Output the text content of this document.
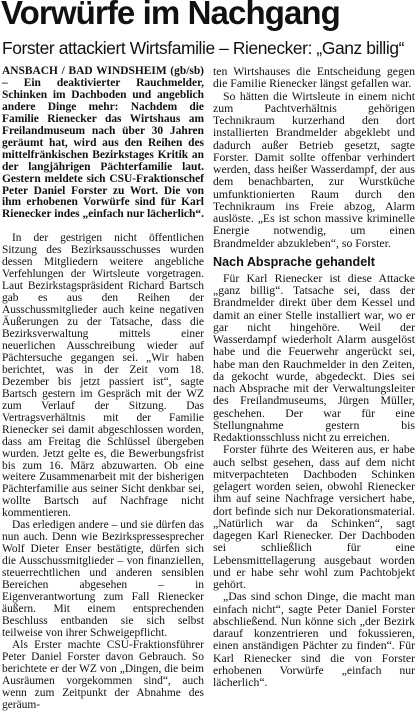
Vorwürfe im Nachgang
Forster attackiert Wirtsfamilie – Rienecker: „Ganz billig“

ANSBACH / BAD WINDSHEIM (gb/sb) – Ein deaktivierter Rauchmelder, Schinken im Dachboden und angeblich andere Dinge mehr: Nachdem die Familie Rienecker das Wirtshaus am Freilandmuseum nach über 30 Jahren geräumt hat, wird aus den Reihen des mittelfränkischen Bezirkstages Kritik an der langjährigen Pächterfamilie laut. Gestern meldete sich CSU-Fraktionschef Peter Daniel Forster zu Wort. Die von ihm erhobenen Vorwürfe sind für Karl Rienecker indes „einfach nur lächerlich“.

In der gestrigen nicht öffentlichen Sitzung des Bezirksausschusses wurden dessen Mitgliedern weitere angebliche Verfehlungen der Wirtsleute vorgetragen. Laut Bezirkstagspräsident Richard Bartsch gab es aus den Reihen der Ausschussmitglieder auch keine negativen Äußerungen zu der Tatsache, dass die Bezirksverwaltung mittels einer neuerlichen Ausschreibung wieder auf Pächtersuche gegangen sei. „Wir haben berichtet, was in der Zeit vom 18. Dezember bis jetzt passiert ist“, sagte Bartsch gestern im Gespräch mit der WZ zum Verlauf der Sitzung. Das Vertragsverhältnis mit der Familie Rienecker sei damit abgeschlossen worden, dass am Freitag die Schlüssel übergeben wurden. Jetzt gelte es, die Bewerbungsfrist bis zum 16. März abzuwarten. Ob eine weitere Zusammenarbeit mit der bisherigen Pächterfamilie aus seiner Sicht denkbar sei, wollte Bartsch auf Nachfrage nicht kommentieren.

Das erledigen andere – und sie dürfen das nun auch. Denn wie Bezirkspressesprecher Wolf Dieter Enser bestätigte, dürfen sich die Ausschussmitglieder – von finanziellen, steuerrechtlichen und anderen sensiblen Bereichen abgesehen – in Eigenverantwortung zum Fall Rienecker äußern. Mit einem entsprechenden Beschluss entbanden sie sich selbst teilweise von ihrer Schweigepflicht.

Als Erster machte CSU-Fraktionsführer Peter Daniel Forster davon Gebrauch. So berichtete er der WZ von „Dingen, die beim Ausräumen vorgekommen sind“, auch wenn zum Zeitpunkt der Abnahme des geräum-

ten Wirtshauses die Entscheidung gegen die Familie Rienecker längst gefallen war.

So hätten die Wirtsleute in einem nicht zum Pachtverhältnis gehörigen Technikraum kurzerhand den dort installierten Brandmelder abgeklebt und dadurch außer Betrieb gesetzt, sagte Forster. Damit sollte offenbar verhindert werden, dass heißer Wasserdampf, der aus dem benachbarten, zur Wurstküche umfunktionierten Raum durch den Technikraum ins Freie abzog, Alarm auslöste. „Es ist schon massive kriminelle Energie notwendig, um einen Brandmelder abzukleben“, so Forster.

Nach Absprache gehandelt

Für Karl Rienecker ist diese Attacke „ganz billig“. Tatsache sei, dass der Brandmelder direkt über dem Kessel und damit an einer Stelle installiert war, wo er gar nicht hingehöre. Weil der Wasserdampf wiederholt Alarm ausgelöst habe und die Feuerwehr angerückt sei, habe man den Rauchmelder in den Zeiten, da gekocht wurde, abgedeckt. Dies sei nach Absprache mit der Verwaltungsleiter des Freilandmuseums, Jürgen Müller, geschehen. Der war für eine Stellungnahme gestern bis Redaktionsschluss nicht zu erreichen.

Forster führte des Weiteren aus, er habe auch selbst gesehen, dass auf dem nicht mitverpachteten Dachboden Schinken gelagert worden seien, obwohl Rienecker ihm auf seine Nachfrage versichert habe, dort befinde sich nur Dekorationsmaterial. „Natürlich war da Schinken“, sagt dagegen Karl Rienecker. Der Dachboden sei schließlich für eine Lebensmittellagerung ausgebaut worden und er habe sehr wohl zum Pachtobjekt gehört.

„Das sind schon Dinge, die macht man einfach nicht“, sagte Peter Daniel Forster abschließend. Nun könne sich „der Bezirk darauf konzentrieren und fokussieren, einen anständigen Pächter zu finden“. Für Karl Rienecker sind die von Forster erhobenen Vorwürfe „einfach nur lächerlich“.
